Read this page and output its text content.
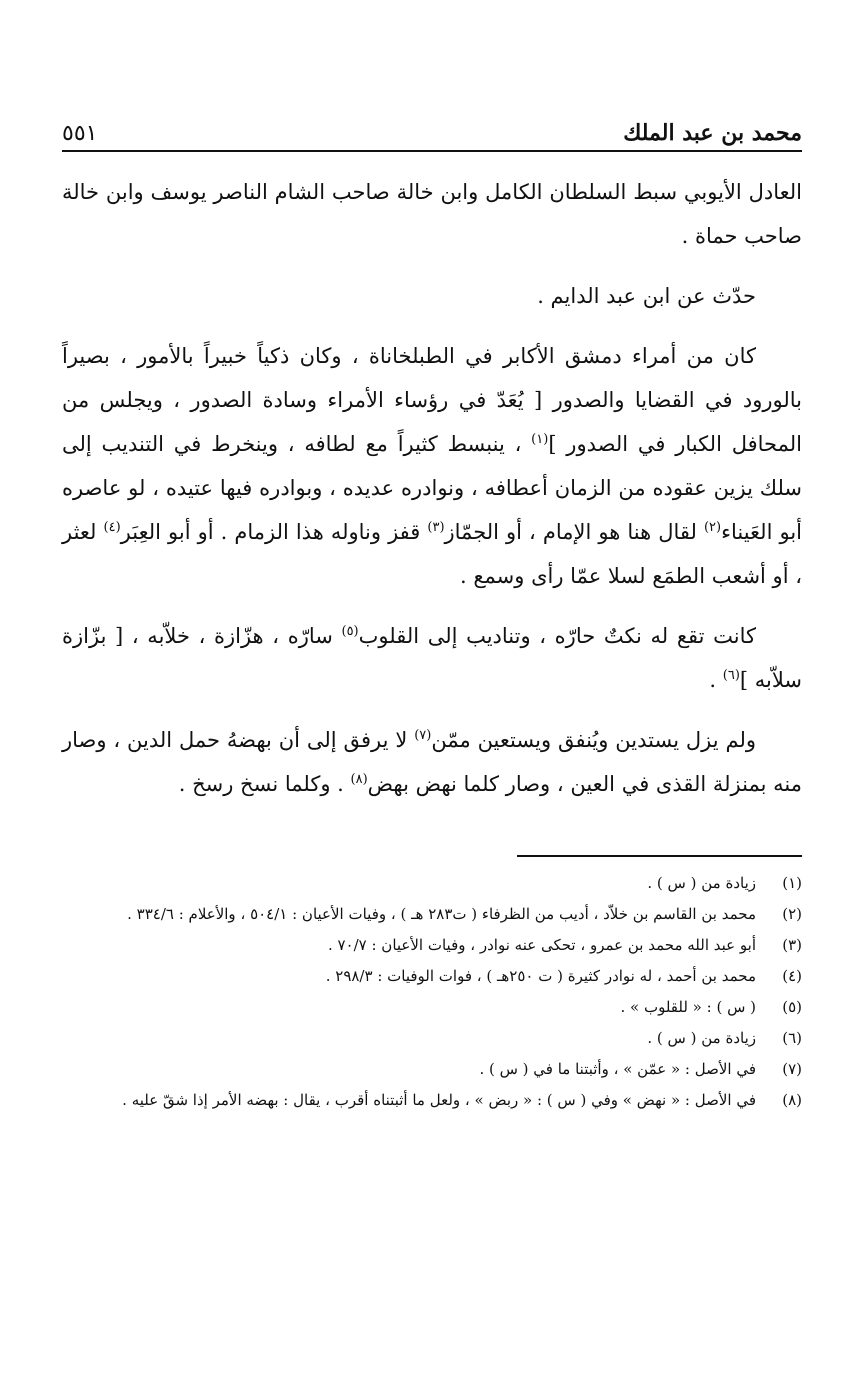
محمد بن عبد الملك
٥٥١

العادل الأيوبي سبط السلطان الكامل وابن خالة صاحب الشام الناصر يوسف وابن خالة صاحب حماة .

حدّث عن ابن عبد الدايم .

كان من أمراء دمشق الأكابر في الطبلخاناة ، وكان ذكياً خبيراً بالأمور ، بصيراً بالورود في القضايا والصدور [ يُعَدّ في رؤساء الأمراء وسادة الصدور ، ويجلس من المحافل الكبار في الصدور ]$^{(١)}$ ، ينبسط كثيراً مع لطافه ، وينخرط في التنديب إلى سلك يزين عقوده من الزمان أعطافه ، ونوادره عديده ، وبوادره فيها عتيده ، لو عاصره أبو العَيناء$^{(٢)}$ لقال هنا هو الإمام ، أو الجمّاز$^{(٣)}$ قفز وناوله هذا الزمام . أو أبو العِبَر$^{(٤)}$ لعثر ، أو أشعب الطمَع لسلا عمّا رأى وسمع .

كانت تقع له نكتٌ حارّه ، وتناديب إلى القلوب$^{(٥)}$ سارّه ، هزّازة ، خلاّبه ، [ بزّازة سلاّبه ]$^{(٦)}$ .

ولم يزل يستدين ويُنفق ويستعين ممّن$^{(٧)}$ لا يرفق إلى أن بهضهُ حمل الدين ، وصار منه بمنزلة القذى في العين ، وصار كلما نهض بهض$^{(٨)}$ . وكلما نسخ رسخ .

(١)
زيادة من ( س ) .
(٢)
محمد بن القاسم بن خلاّد ، أديب من الظرفاء ( ت٢٨٣ هـ ) ، وفيات الأعيان : ٥٠٤/١ ، والأعلام : ٣٣٤/٦ .
(٣)
أبو عبد الله محمد بن عمرو ، تحكى عنه نوادر ، وفيات الأعيان : ٧٠/٧ .
(٤)
محمد بن أحمد ، له نوادر كثيرة ( ت ٢٥٠هـ ) ، فوات الوفيات : ٢٩٨/٣ .
(٥)
( س ) : « للقلوب » .
(٦)
زيادة من ( س ) .
(٧)
في الأصل : « عمّن » ، وأثبتنا ما في ( س ) .
(٨)
في الأصل : « نهض » وفي ( س ) : « ربض » ، ولعل ما أثبتناه أقرب ، يقال : بهضه الأمر إذا شقّ عليه .
